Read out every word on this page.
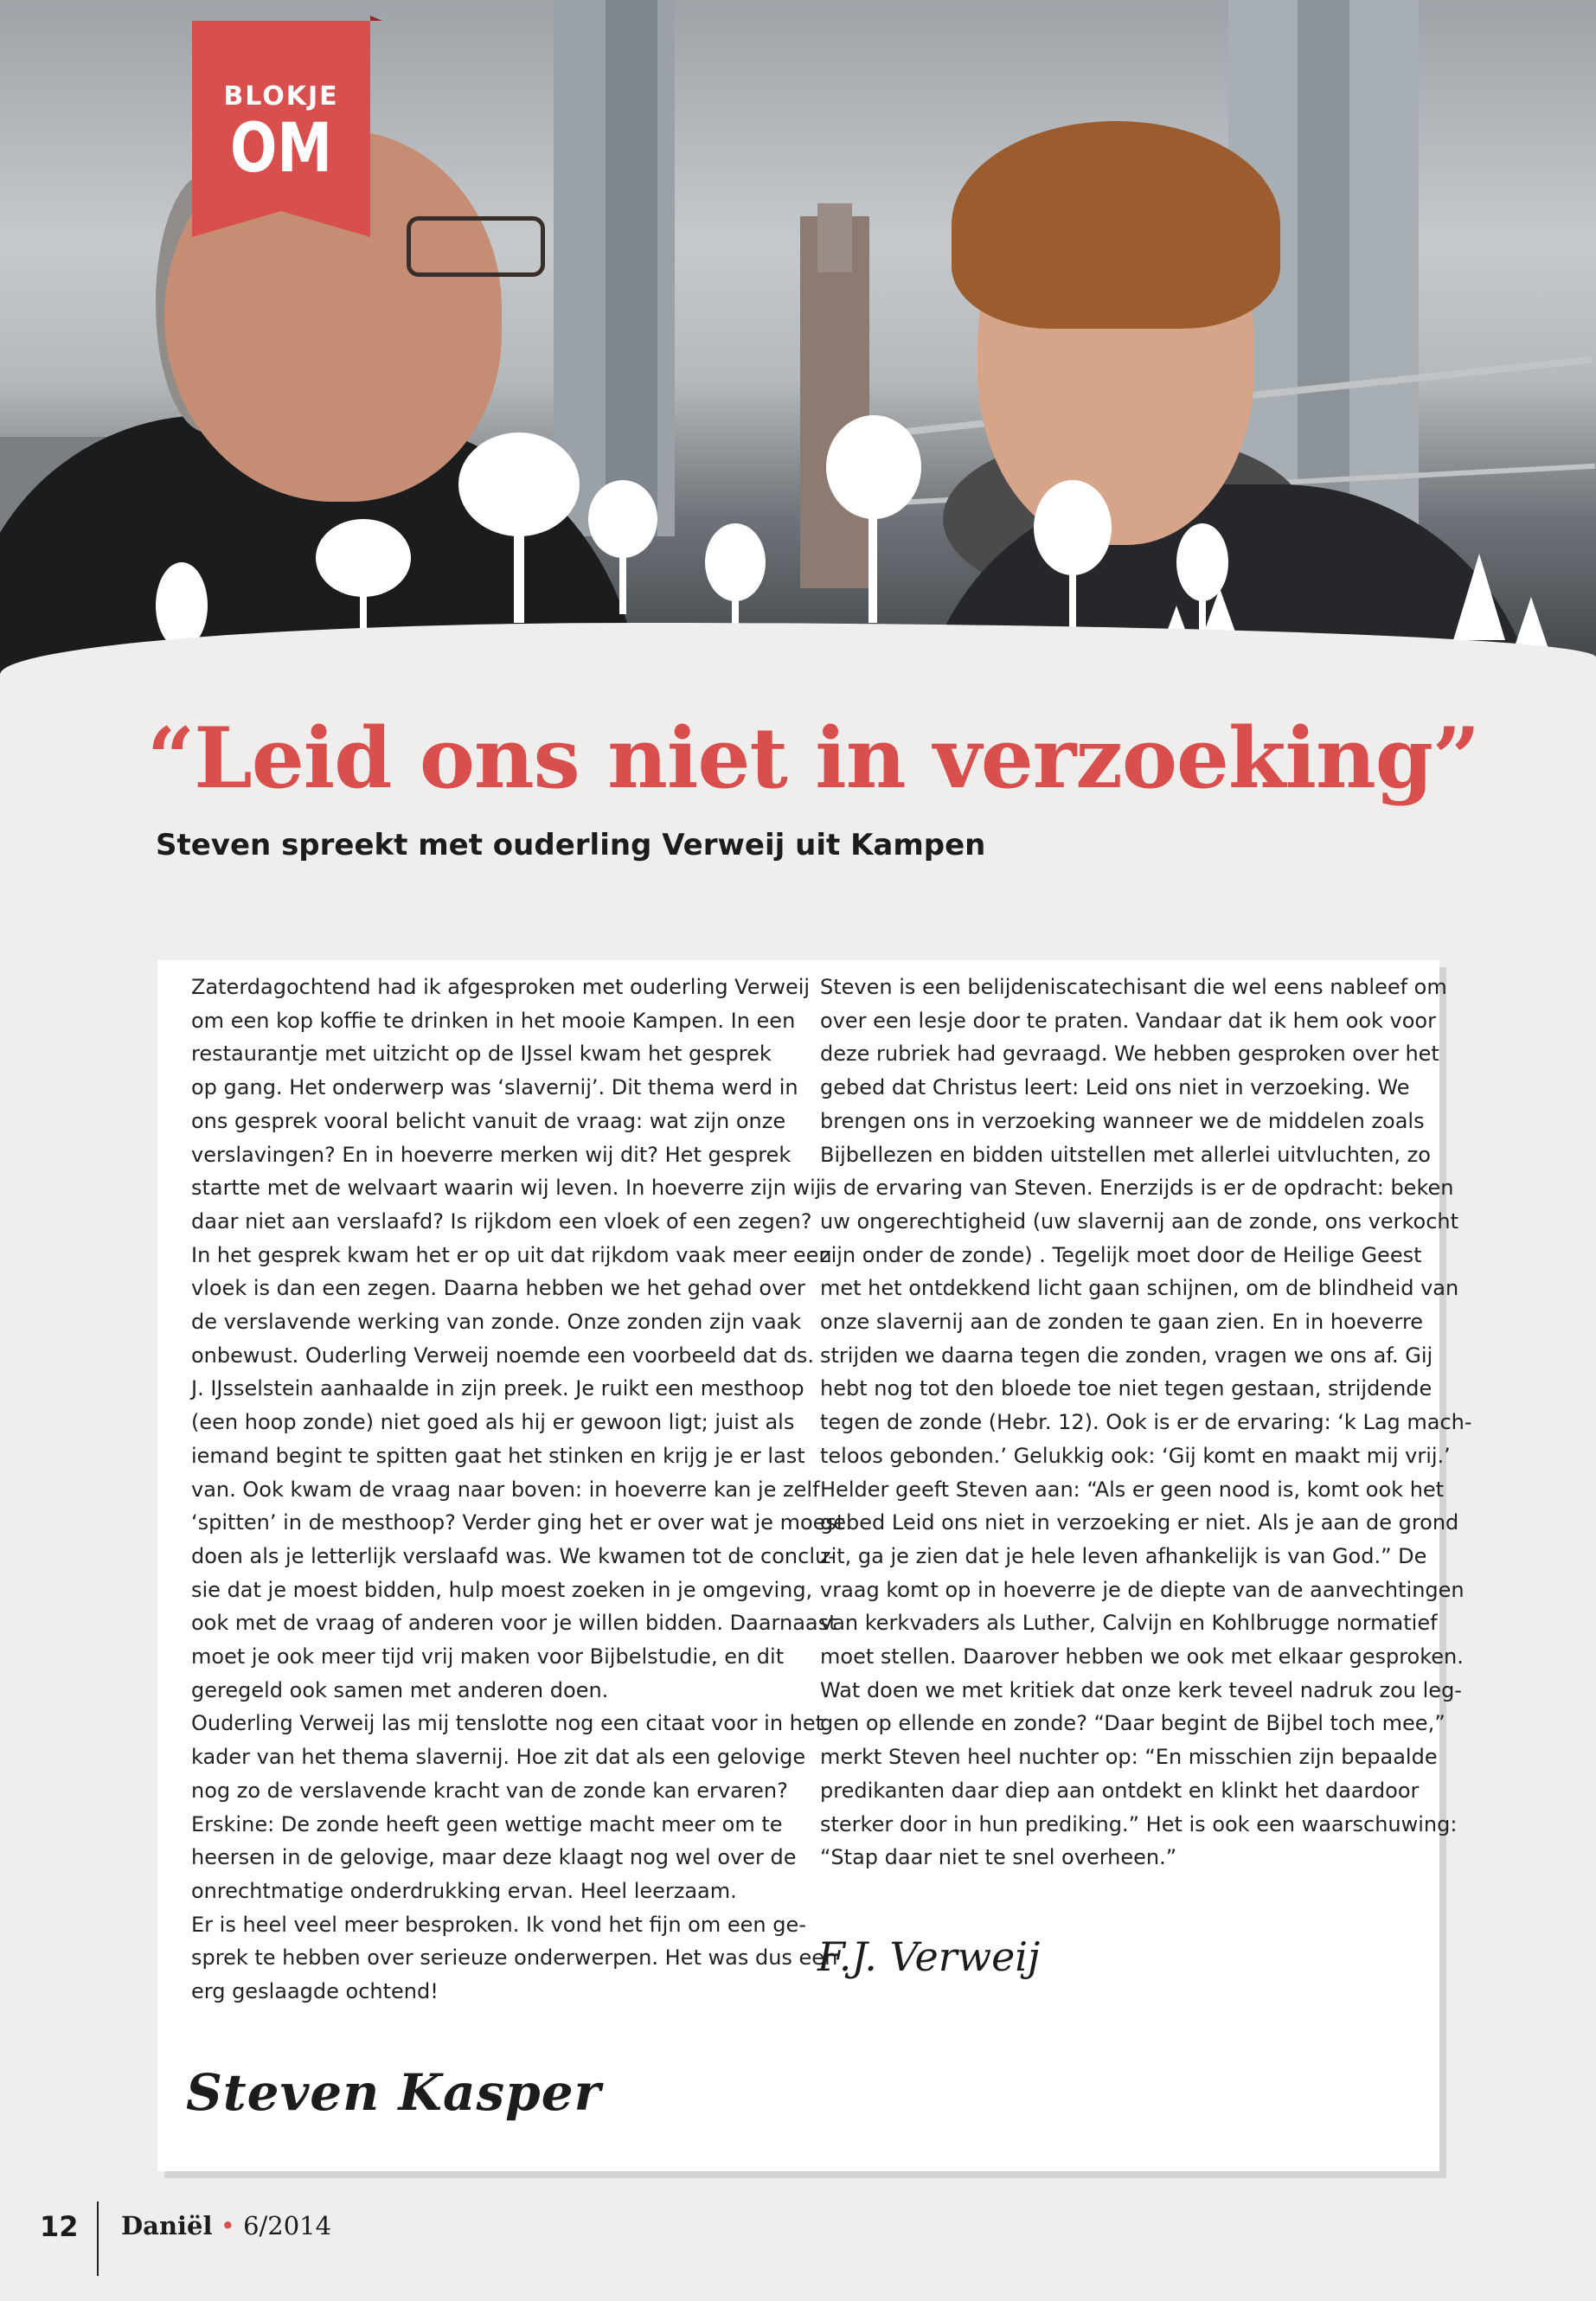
BLOKJE
OM
“Leid ons niet in verzoeking”
Steven spreekt met ouderling Verweij uit Kampen

Zaterdagochtend had ik afgesproken met ouderling Verweij

om een kop koffie te drinken in het mooie Kampen. In een

restaurantje met uitzicht op de IJssel kwam het gesprek

op gang. Het onderwerp was ‘slavernij’. Dit thema werd in

ons gesprek vooral belicht vanuit de vraag: wat zijn onze

verslavingen? En in hoeverre merken wij dit? Het gesprek

startte met de welvaart waarin wij leven. In hoeverre zijn wij

daar niet aan verslaafd? Is rijkdom een vloek of een zegen?

In het gesprek kwam het er op uit dat rijkdom vaak meer een

vloek is dan een zegen. Daarna hebben we het gehad over

de verslavende werking van zonde. Onze zonden zijn vaak

onbewust. Ouderling Verweij noemde een voorbeeld dat ds.

J. IJsselstein aanhaalde in zijn preek. Je ruikt een mesthoop

(een hoop zonde) niet goed als hij er gewoon ligt; juist als

iemand begint te spitten gaat het stinken en krijg je er last

van. Ook kwam de vraag naar boven: in hoeverre kan je zelf

‘spitten’ in de mesthoop? Verder ging het er over wat je moest

doen als je letterlijk verslaafd was. We kwamen tot de conclu-

sie dat je moest bidden, hulp moest zoeken in je omgeving,

ook met de vraag of anderen voor je willen bidden. Daarnaast

moet je ook meer tijd vrij maken voor Bijbelstudie, en dit

geregeld ook samen met anderen doen.

Ouderling Verweij las mij tenslotte nog een citaat voor in het

kader van het thema slavernij. Hoe zit dat als een gelovige

nog zo de verslavende kracht van de zonde kan ervaren?

Erskine: De zonde heeft geen wettige macht meer om te

heersen in de gelovige, maar deze klaagt nog wel over de

onrechtmatige onderdrukking ervan. Heel leerzaam.

Er is heel veel meer besproken. Ik vond het fijn om een ge-

sprek te hebben over serieuze onderwerpen. Het was dus een

erg geslaagde ochtend!

Steven is een belijdeniscatechisant die wel eens nableef om

over een lesje door te praten. Vandaar dat ik hem ook voor

deze rubriek had gevraagd. We hebben gesproken over het

gebed dat Christus leert: Leid ons niet in verzoeking. We

brengen ons in verzoeking wanneer we de middelen zoals

Bijbellezen en bidden uitstellen met allerlei uitvluchten, zo

is de ervaring van Steven. Enerzijds is er de opdracht: beken

uw ongerechtigheid (uw slavernij aan de zonde, ons verkocht

zijn onder de zonde) . Tegelijk moet door de Heilige Geest

met het ontdekkend licht gaan schijnen, om de blindheid van

onze slavernij aan de zonden te gaan zien. En in hoeverre

strijden we daarna tegen die zonden, vragen we ons af. Gij

hebt nog tot den bloede toe niet tegen gestaan, strijdende

tegen de zonde (Hebr. 12). Ook is er de ervaring: ‘k Lag mach-

teloos gebonden.’ Gelukkig ook: ‘Gij komt en maakt mij vrij.’

Helder geeft Steven aan: “Als er geen nood is, komt ook het

gebed Leid ons niet in verzoeking er niet. Als je aan de grond

zit, ga je zien dat je hele leven afhankelijk is van God.” De

vraag komt op in hoeverre je de diepte van de aanvechtingen

van kerkvaders als Luther, Calvijn en Kohlbrugge normatief

moet stellen. Daarover hebben we ook met elkaar gesproken.

Wat doen we met kritiek dat onze kerk teveel nadruk zou leg-

gen op ellende en zonde? “Daar begint de Bijbel toch mee,”

merkt Steven heel nuchter op: “En misschien zijn bepaalde

predikanten daar diep aan ontdekt en klinkt het daardoor

sterker door in hun prediking.” Het is ook een waarschuwing:

“Stap daar niet te snel overheen.”

Steven Kasper
F.J. Verweij
12 Daniël • 6/2014
